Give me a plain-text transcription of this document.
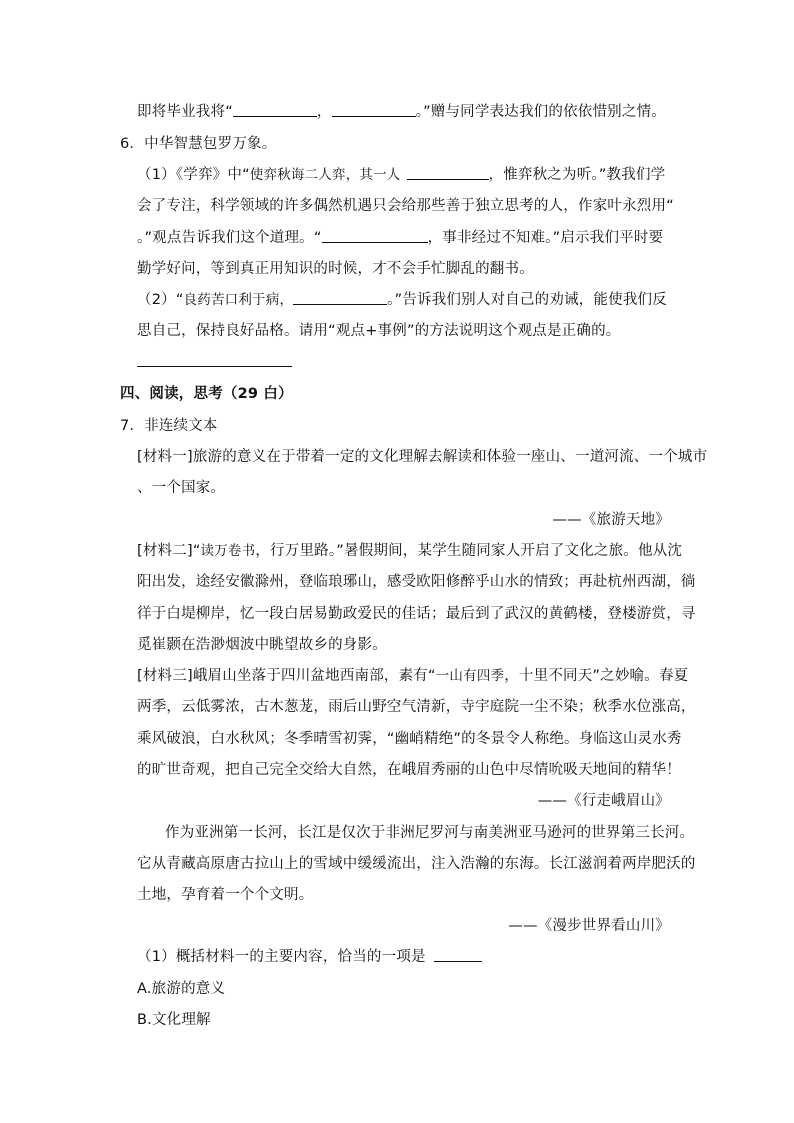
即将毕业我将“	，	。”赠与同学表达我们的依依惜别之情。
6．中华智慧包罗万象。
（1）《学弈》中“使弈秋诲二人弈，其一人	，惟弈秋之为听。”教我们学
会了专注，科学领域的许多偶然机遇只会给那些善于独立思考的人，作家叶永烈用“
。”观点告诉我们这个道理。“	，事非经过不知难。”启示我们平时要
勤学好问，等到真正用知识的时候，才不会手忙脚乱的翻书。
（2）“良药苦口利于病，	。”告诉我们别人对自己的劝诫，能使我们反
思自己，保持良好品格。请用“观点+事例”的方法说明这个观点是正确的。
四、阅读，思考（29 白）
7．非连续文本
[材料一]旅游的意义在于带着一定的文化理解去解读和体验一座山、一道河流、一个城市
、一个国家。
——《旅游天地》
[材料二]“读万卷书，行万里路。”暑假期间，某学生随同家人开启了文化之旅。他从沈
阳出发，途经安徽滁州，登临琅琊山，感受欧阳修醉乎山水的情致；再赴杭州西湖，徜
徉于白堤柳岸，忆一段白居易勤政爱民的佳话；最后到了武汉的黄鹤楼，登楼游赏，寻
觅崔颢在浩渺烟波中眺望故乡的身影。
[材料三]峨眉山坐落于四川盆地西南部，素有“一山有四季，十里不同天”之妙喻。春夏
两季，云低雾浓，古木葱茏，雨后山野空气清新，寺宇庭院一尘不染；秋季水位涨高，
乘风破浪，白水秋风；冬季晴雪初霁，“幽峭精绝”的冬景令人称绝。身临这山灵水秀
的旷世奇观，把自己完全交给大自然，在峨眉秀丽的山色中尽情吮吸天地间的精华！
——《行走峨眉山》
作为亚洲第一长河，长江是仅次于非洲尼罗河与南美洲亚马逊河的世界第三长河。
它从青藏高原唐古拉山上的雪域中缓缓流出，注入浩瀚的东海。长江滋润着两岸肥沃的
土地，孕育着一个个文明。
——《漫步世界看山川》
（1）概括材料一的主要内容，恰当的一项是
A.旅游的意义
B.文化理解
